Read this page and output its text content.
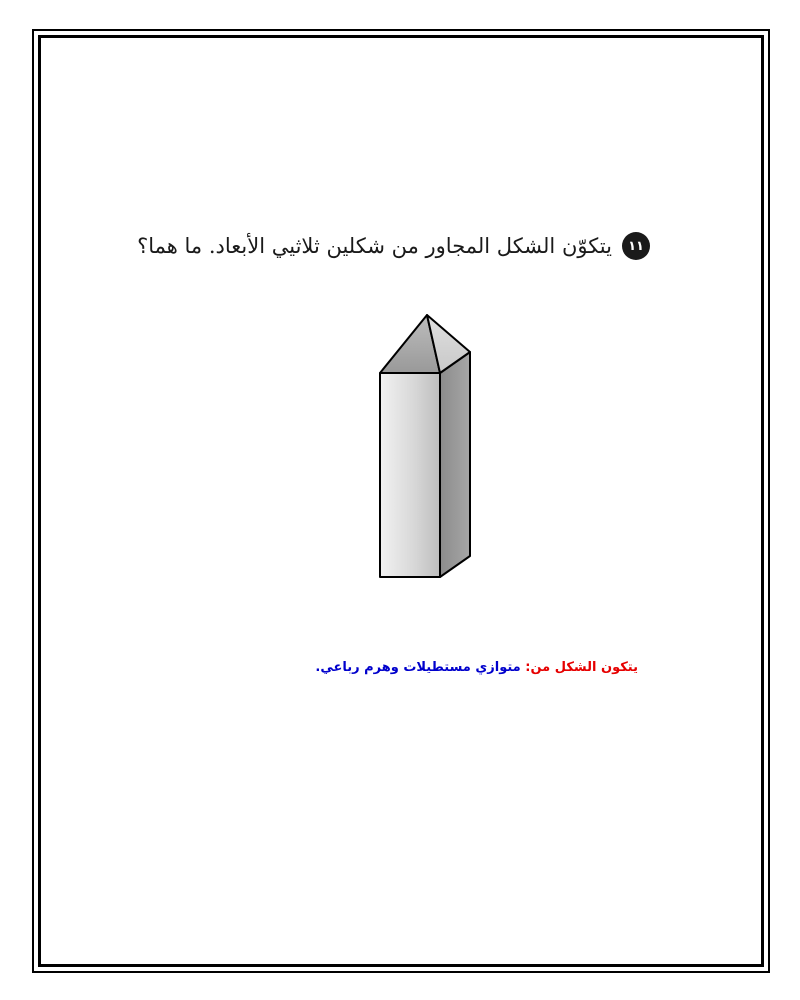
١١
يتكوّن الشكل المجاور من شكلين ثلاثيي الأبعاد. ما هما؟
يتكون الشكل من: متوازي مستطيلات وهرم رباعي.
